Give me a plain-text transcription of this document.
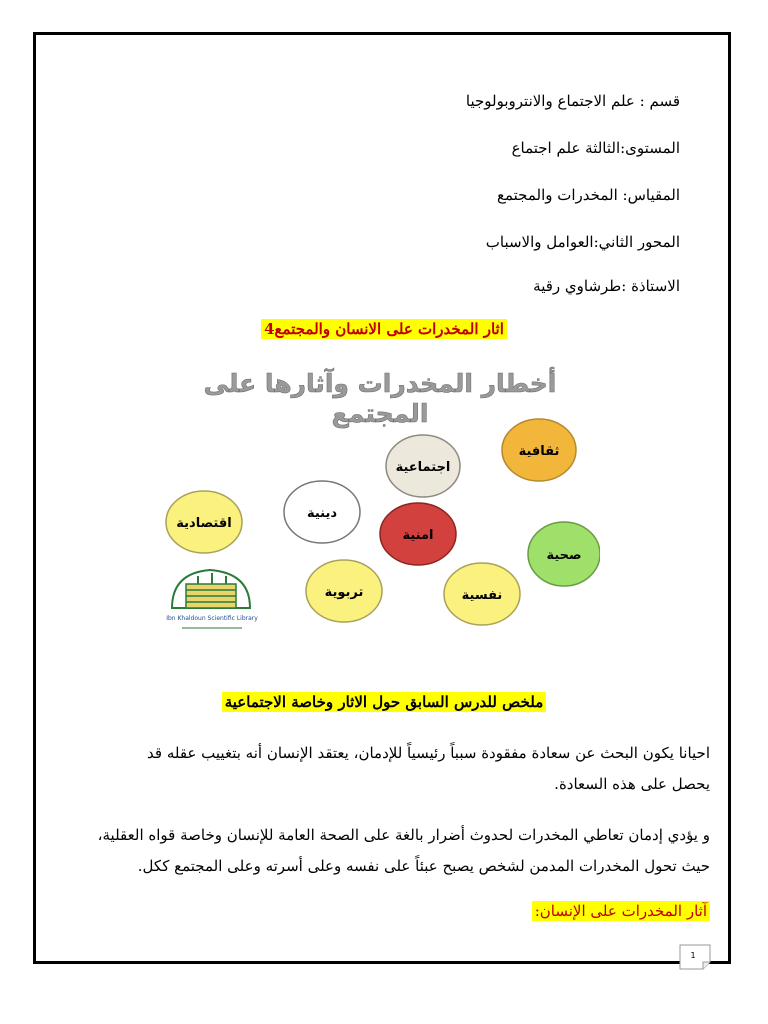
قسم : علم الاجتماع والانتروبولوجيا
المستوى:الثالثة علم اجتماع
المقياس: المخدرات والمجتمع
المحور الثاني:العوامل والاسباب
الاستاذة :طرشاوي رقية
اثار المخدرات على الانسان والمجتمع4
أخطار المخدرات وآثارها على
المجتمع
ثقافية
اجتماعية
اقتصادية
دينية
امنية
صحية
تربوية	نفسية
Ibn Khaldoun Scientific Library
ملخص للدرس السابق حول الاثار وخاصة الاجتماعية
احيانا يكون البحث عن سعادة مفقودة سبباً رئيسياً للإدمان، يعتقد الإنسان أنه بتغييب عقله قد
يحصل على هذه السعادة.
و يؤدي إدمان تعاطي المخدرات لحدوث أضرار بالغة على الصحة العامة للإنسان وخاصة قواه العقلية،
حيث تحول المخدرات المدمن لشخص يصبح عبئاً على نفسه وعلى أسرته وعلى المجتمع ككل.
آثار المخدرات على الإنسان:
1
